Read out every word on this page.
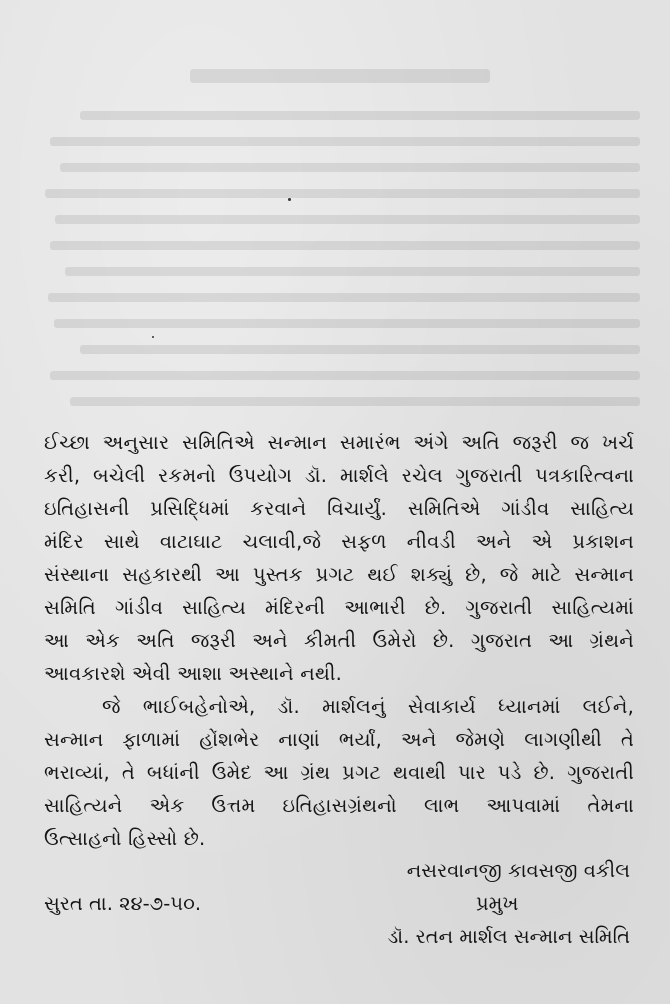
ઈચ્છા અનુસાર સમિતિએ સન્માન સમારંભ અંગે અતિ જરૂરી જ ખર્ચ
કરી, બચેલી રકમનો ઉપયોગ ડૉ. માર્શલે રચેલ ગુજરાતી પત્રકારિત્વના
ઇતિહાસની પ્રસિદ્ધિમાં કરવાને વિચાર્યું. સમિતિએ ગાંડીવ સાહિત્ય
મંદિર સાથે વાટાઘાટ ચલાવી,જે સફળ નીવડી અને એ પ્રકાશન
સંસ્થાના સહકારથી આ પુસ્તક પ્રગટ થઈ શક્યું છે, જે માટે સન્માન
સમિતિ ગાંડીવ સાહિત્ય મંદિરની આભારી છે. ગુજરાતી સાહિત્યમાં
આ એક અતિ જરૂરી અને કીમતી ઉમેરો છે. ગુજરાત આ ગ્રંથને
આવકારશે એવી આશા અસ્થાને નથી.
જે ભાઈબહેનોએ, ડૉ. માર્શલનું સેવાકાર્ય ધ્યાનમાં લઈને,
સન્માન ફાળામાં હોંશભેર નાણાં ભર્યાં, અને જેમણે લાગણીથી તે
ભરાવ્યાં, તે બધાંની ઉમેદ આ ગ્રંથ પ્રગટ થવાથી પાર પડે છે. ગુજરાતી
સાહિત્યને એક ઉત્તમ ઇતિહાસગ્રંથનો લાભ આપવામાં તેમના
ઉત્સાહનો હિસ્સો છે.
નસરવાનજી કાવસજી વકીલ
સુરત તા. ૨૪-૭-૫૦.	પ્રમુખ
ડૉ. રતન માર્શલ સન્માન સમિતિ
